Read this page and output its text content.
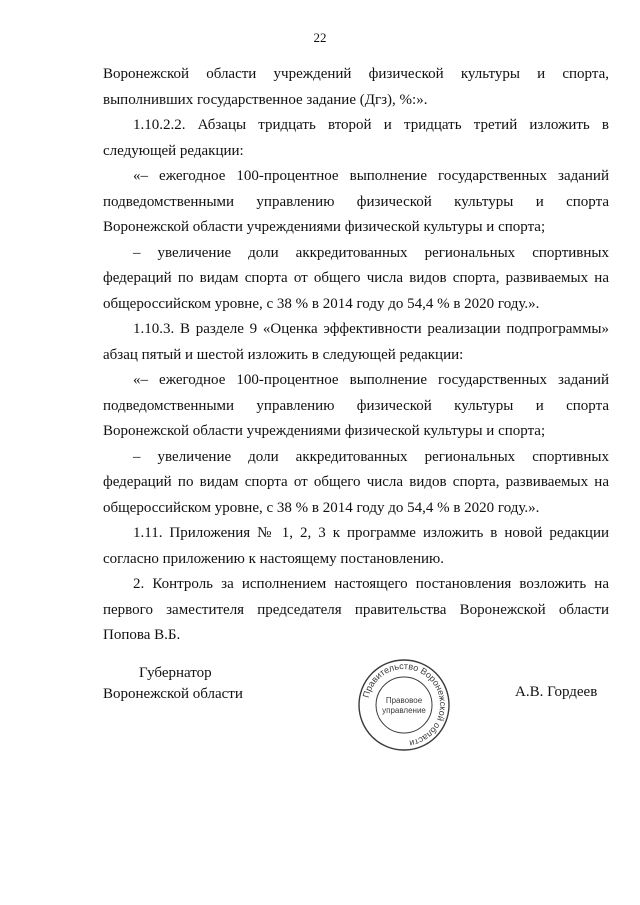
22
Воронежской области учреждений физической культуры и спорта,
выполнивших государственное задание (Дгз), %:».
1.10.2.2. Абзацы тридцать второй и тридцать третий изложить в
следующей редакции:
«– ежегодное 100-процентное выполнение государственных заданий
подведомственными управлению физической культуры и спорта
Воронежской области учреждениями физической культуры и спорта;
– увеличение доли аккредитованных региональных спортивных
федераций по видам спорта от общего числа видов спорта, развиваемых на
общероссийском уровне, с 38 % в 2014 году до 54,4 % в 2020 году.».
1.10.3. В разделе 9 «Оценка эффективности реализации подпрограммы»
абзац пятый и шестой изложить в следующей редакции:
«– ежегодное 100-процентное выполнение государственных заданий
подведомственными управлению физической культуры и спорта
Воронежской области учреждениями физической культуры и спорта;
– увеличение доли аккредитованных региональных спортивных
федераций по видам спорта от общего числа видов спорта, развиваемых на
общероссийском уровне, с 38 % в 2014 году до 54,4 % в 2020 году.».
1.11. Приложения № 1, 2, 3 к программе изложить в новой редакции
согласно приложению к настоящему постановлению.
2. Контроль за исполнением настоящего постановления возложить на
первого заместителя председателя правительства Воронежской области
Попова В.Б.
Губернатор
Воронежской области	Правительство Воронежской области
Правовое
управление
А.В. Гордеев
